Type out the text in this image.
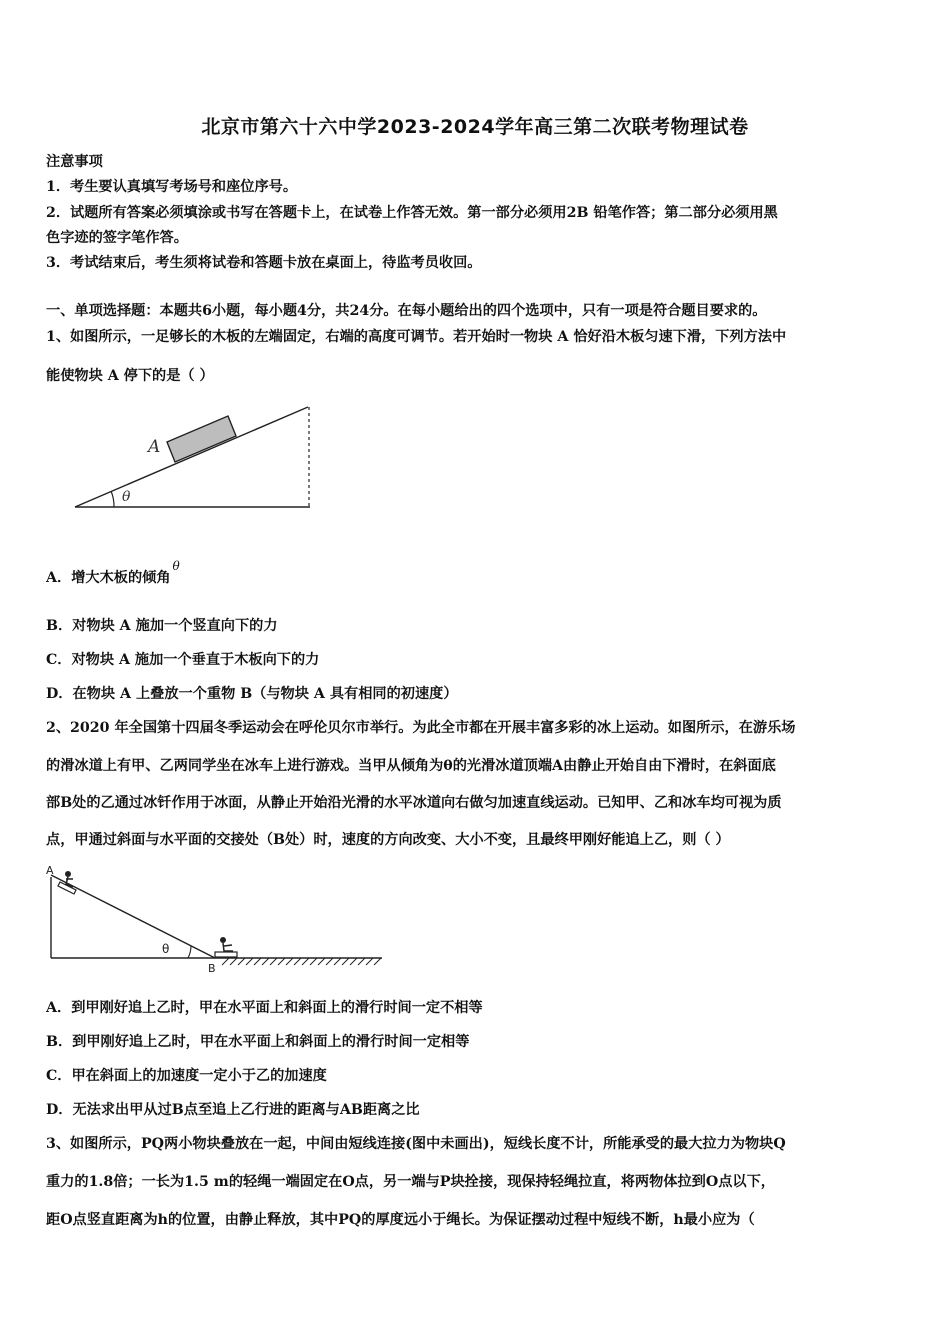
北京市第六十六中学2023-2024学年高三第二次联考物理试卷
注意事项
1．考生要认真填写考场号和座位序号。
2．试题所有答案必须填涂或书写在答题卡上，在试卷上作答无效。第一部分必须用2B 铅笔作答；第二部分必须用黑
色字迹的签字笔作答。
3．考试结束后，考生须将试卷和答题卡放在桌面上，待监考员收回。
一、单项选择题：本题共6小题，每小题4分，共24分。在每小题给出的四个选项中，只有一项是符合题目要求的。
1、如图所示，一足够长的木板的左端固定，右端的高度可调节。若开始时一物块 A 恰好沿木板匀速下滑，下列方法中
能使物块 A 停下的是（ ）
A
θ
A．增大木板的倾角$^\theta$
B．对物块 A 施加一个竖直向下的力
C．对物块 A 施加一个垂直于木板向下的力
D．在物块 A 上叠放一个重物 B（与物块 A 具有相同的初速度）
2、2020 年全国第十四届冬季运动会在呼伦贝尔市举行。为此全市都在开展丰富多彩的冰上运动。如图所示，在游乐场
的滑冰道上有甲、乙两同学坐在冰车上进行游戏。当甲从倾角为θ的光滑冰道顶端A由静止开始自由下滑时，在斜面底
部B处的乙通过冰钎作用于冰面，从静止开始沿光滑的水平冰道向右做匀加速直线运动。已知甲、乙和冰车均可视为质
点，甲通过斜面与水平面的交接处（B处）时，速度的方向改变、大小不变，且最终甲刚好能追上乙，则（ ）
A
B
θ
A．到甲刚好追上乙时，甲在水平面上和斜面上的滑行时间一定不相等
B．到甲刚好追上乙时，甲在水平面上和斜面上的滑行时间一定相等
C．甲在斜面上的加速度一定小于乙的加速度
D．无法求出甲从过B点至追上乙行进的距离与AB距离之比
3、如图所示，PQ两小物块叠放在一起，中间由短线连接(图中未画出)，短线长度不计，所能承受的最大拉力为物块Q
重力的1.8倍；一长为1.5 m的轻绳一端固定在O点，另一端与P块拴接，现保持轻绳拉直，将两物体拉到O点以下，
距O点竖直距离为h的位置，由静止释放，其中PQ的厚度远小于绳长。为保证摆动过程中短线不断，h最小应为（
